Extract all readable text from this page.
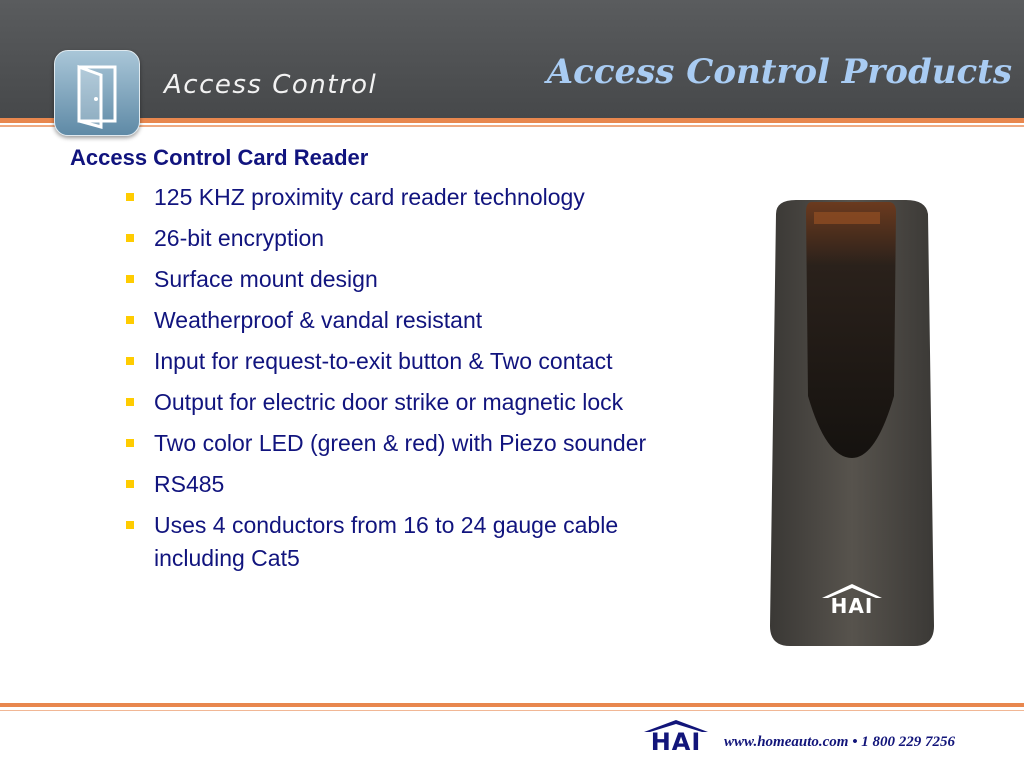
Access Control	Access Control Products
Access Control Card Reader
125 KHZ proximity card reader technology
26-bit encryption
Surface mount design
Weatherproof & vandal resistant
Input for request-to-exit button & Two contact
Output for electric door strike or magnetic lock
Two color LED (green & red) with Piezo sounder
RS485
Uses 4 conductors from 16 to 24 gauge cable including Cat5
HAI
HAI	www.homeauto.com • 1 800 229 7256
